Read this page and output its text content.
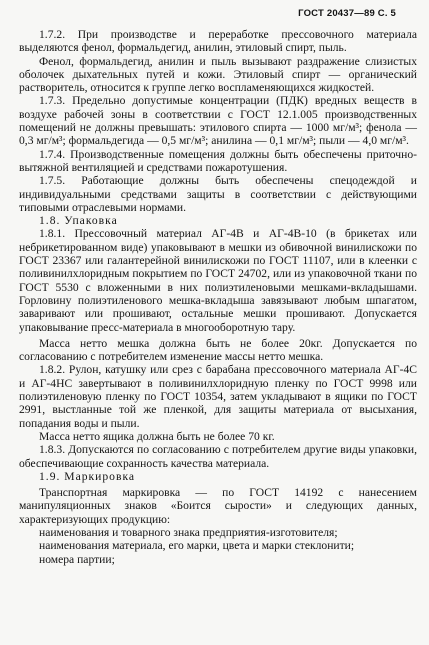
ГОСТ 20437—89 С. 5

1.7.2. При производстве и переработке прессовочного материала выделяются фенол, формальдегид, анилин, этиловый спирт, пыль.

Фенол, формальдегид, анилин и пыль вызывают раздражение слизистых оболочек дыхательных путей и кожи. Этиловый спирт — органический растворитель, относится к группе легко воспламеняющихся жидкостей.

1.7.3. Предельно допустимые концентрации (ПДК) вредных веществ в воздухе рабочей зоны в соответствии с ГОСТ 12.1.005 производственных помещений не должны превышать: этилового спирта — 1000 мг/м³; фенола — 0,3 мг/м³; формальдегида — 0,5 мг/м³; анилина — 0,1 мг/м³; пыли — 4,0 мг/м³.

1.7.4. Производственные помещения должны быть обеспечены приточно-вытяжной вентиляцией и средствами пожаротушения.

1.7.5. Работающие должны быть обеспечены спецодеждой и индивидуальными средствами защиты в соответствии с действующими типовыми отраслевыми нормами.

1.8. Упаковка

1.8.1. Прессовочный материал АГ-4В и АГ-4В-10 (в брикетах или небрикетированном виде) упаковывают в мешки из обивочной винилискожи по ГОСТ 23367 или галантерейной винилискожи по ГОСТ 11107, или в клеенки с поливинилхлоридным покрытием по ГОСТ 24702, или из упаковочной ткани по ГОСТ 5530 с вложенными в них полиэтиленовыми мешками-вкладышами. Горловину полиэтиленового мешка-вкладыша завязывают любым шпагатом, заваривают или прошивают, остальные мешки прошивают. Допускается упаковывание пресс-материала в многооборотную тару.

Масса нетто мешка должна быть не более 20кг. Допускается по согласованию с потребителем изменение массы нетто мешка.

1.8.2. Рулон, катушку или срез с барабана прессовочного материала АГ-4С и АГ-4НС завертывают в поливинилхлоридную пленку по ГОСТ 9998 или полиэтиленовую пленку по ГОСТ 10354, затем укладывают в ящики по ГОСТ 2991, выстланные той же пленкой, для защиты материала от высыхания, попадания воды и пыли.

Масса нетто ящика должна быть не более 70 кг.

1.8.3. Допускаются по согласованию с потребителем другие виды упаковки, обеспечивающие сохранность качества материала.

1.9. Маркировка

Транспортная маркировка — по ГОСТ 14192 с нанесением манипуляционных знаков «Боится сырости» и следующих данных, характеризующих продукцию:

наименования и товарного знака предприятия-изготовителя;

наименования материала, его марки, цвета и марки стеклонити;

номера партии;
